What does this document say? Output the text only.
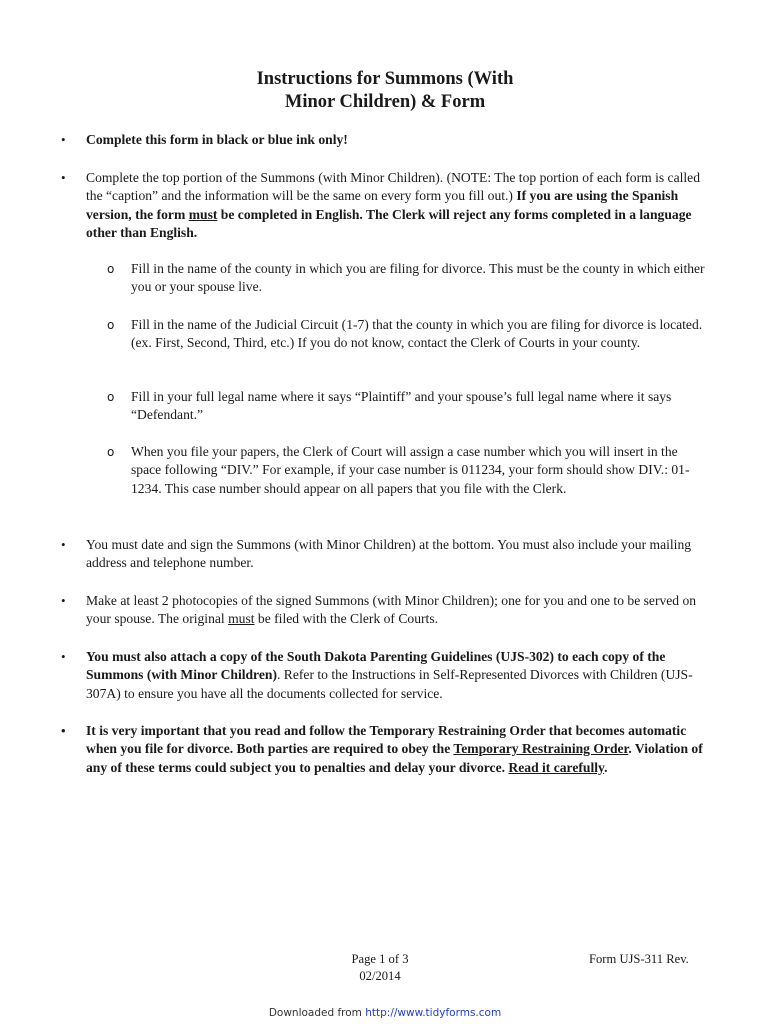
Instructions for Summons (With
Minor Children) & Form
• Complete this form in black or blue ink only!
• Complete the top portion of the Summons (with Minor Children). (NOTE: The top portion of each form is called the “caption” and the information will be the same on every form you fill out.) If you are using the Spanish version, the form must be completed in English. The Clerk will reject any forms completed in a language other than English.
o Fill in the name of the county in which you are filing for divorce. This must be the county in which either you or your spouse live.
o Fill in the name of the Judicial Circuit (1-7) that the county in which you are filing for divorce is located. (ex. First, Second, Third, etc.) If you do not know, contact the Clerk of Courts in your county.
o Fill in your full legal name where it says “Plaintiff” and your spouse’s full legal name where it says “Defendant.”
o When you file your papers, the Clerk of Court will assign a case number which you will insert in the space following “DIV.” For example, if your case number is 011234, your form should show DIV.: 01-1234. This case number should appear on all papers that you file with the Clerk.
• You must date and sign the Summons (with Minor Children) at the bottom. You must also include your mailing address and telephone number.
• Make at least 2 photocopies of the signed Summons (with Minor Children); one for you and one to be served on your spouse. The original must be filed with the Clerk of Courts.
• You must also attach a copy of the South Dakota Parenting Guidelines (UJS-302) to each copy of the Summons (with Minor Children). Refer to the Instructions in Self-Represented Divorces with Children (UJS-307A) to ensure you have all the documents collected for service.
• It is very important that you read and follow the Temporary Restraining Order that becomes automatic when you file for divorce. Both parties are required to obey the Temporary Restraining Order. Violation of any of these terms could subject you to penalties and delay your divorce. Read it carefully.
Page 1 of 3
02/2014
Form UJS-311 Rev.
Downloaded from http://www.tidyforms.com
